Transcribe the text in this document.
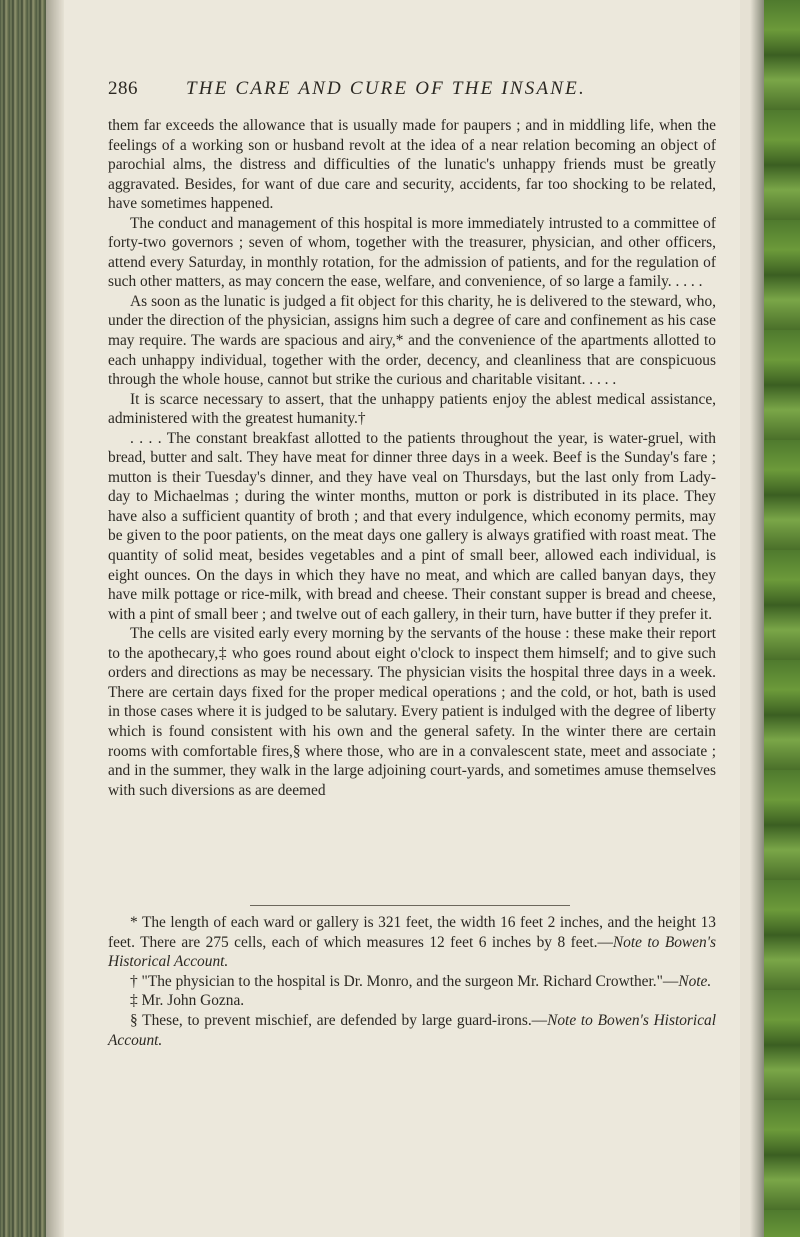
286	THE CARE AND CURE OF THE INSANE.

them far exceeds the allowance that is usually made for paupers ; and in middling life, when the feelings of a working son or husband revolt at the idea of a near relation becoming an object of parochial alms, the distress and difficulties of the lunatic's unhappy friends must be greatly aggravated. Besides, for want of due care and security, accidents, far too shocking to be related, have sometimes happened.

The conduct and management of this hospital is more immediately intrusted to a committee of forty-two governors ; seven of whom, together with the treasurer, physician, and other officers, attend every Saturday, in monthly rotation, for the admission of patients, and for the regulation of such other matters, as may concern the ease, welfare, and convenience, of so large a family. . . . .

As soon as the lunatic is judged a fit object for this charity, he is delivered to the steward, who, under the direction of the physician, assigns him such a degree of care and confinement as his case may require. The wards are spacious and airy,* and the convenience of the apartments allotted to each unhappy individual, together with the order, decency, and cleanliness that are conspicuous through the whole house, cannot but strike the curious and charitable visitant. . . . .

It is scarce necessary to assert, that the unhappy patients enjoy the ablest medical assistance, administered with the greatest humanity.†

. . . . The constant breakfast allotted to the patients throughout the year, is water-gruel, with bread, butter and salt. They have meat for dinner three days in a week. Beef is the Sunday's fare ; mutton is their Tuesday's dinner, and they have veal on Thursdays, but the last only from Lady-day to Michaelmas ; during the winter months, mutton or pork is distributed in its place. They have also a sufficient quantity of broth ; and that every indulgence, which economy permits, may be given to the poor patients, on the meat days one gallery is always gratified with roast meat. The quantity of solid meat, besides vegetables and a pint of small beer, allowed each individual, is eight ounces. On the days in which they have no meat, and which are called banyan days, they have milk pottage or rice-milk, with bread and cheese. Their constant supper is bread and cheese, with a pint of small beer ; and twelve out of each gallery, in their turn, have butter if they prefer it.

The cells are visited early every morning by the servants of the house : these make their report to the apothecary,‡ who goes round about eight o'clock to inspect them himself; and to give such orders and directions as may be necessary. The physician visits the hospital three days in a week. There are certain days fixed for the proper medical operations ; and the cold, or hot, bath is used in those cases where it is judged to be salutary. Every patient is indulged with the degree of liberty which is found consistent with his own and the general safety. In the winter there are certain rooms with comfortable fires,§ where those, who are in a convalescent state, meet and associate ; and in the summer, they walk in the large adjoining court-yards, and sometimes amuse themselves with such diversions as are deemed

* The length of each ward or gallery is 321 feet, the width 16 feet 2 inches, and the height 13 feet. There are 275 cells, each of which measures 12 feet 6 inches by 8 feet.—Note to Bowen's Historical Account.

† "The physician to the hospital is Dr. Monro, and the surgeon Mr. Richard Crowther."—Note.

‡ Mr. John Gozna.

§ These, to prevent mischief, are defended by large guard-irons.—Note to Bowen's Historical Account.
